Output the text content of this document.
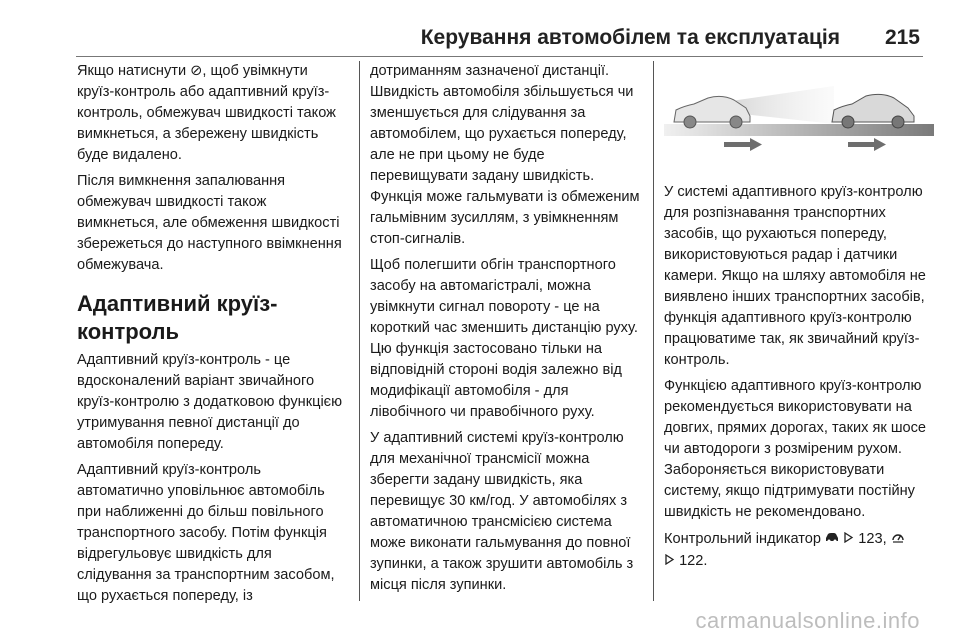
Керування автомобілем та експлуатація 215

Якщо натиснути ⊘, щоб увімкнути круїз-контроль або адаптивний круїз-контроль, обмежувач швидкості також вимкнеться, а збережену швидкість буде видалено.

Після вимкнення запалювання обмежувач швидкості також вимкнеться, але обмеження швидкості збережеться до наступного ввімкнення обмежувача.

Адаптивний круїз-контроль

Адаптивний круїз-контроль - це вдосконалений варіант звичайного круїз-контролю з додатковою функцією утримування певної дистанції до автомобіля попереду.

Адаптивний круїз-контроль автоматично уповільнює автомобіль при наближенні до більш повільного транспортного засобу. Потім функція відрегульовує швидкість для слідування за транспортним засобом, що рухається попереду, із

дотриманням зазначеної дистанції. Швидкість автомобіля збільшується чи зменшується для слідування за автомобілем, що рухається попереду, але не при цьому не буде перевищувати задану швидкість. Функція може гальмувати із обмеженим гальмівним зусиллям, з увімкненням стоп-сигналів.

Щоб полегшити обгін транспортного засобу на автомагістралі, можна увімкнути сигнал повороту - це на короткий час зменшить дистанцію руху. Цю функція застосовано тільки на відповідній стороні водія залежно від модифікації автомобіля - для лівобічного чи правобічного руху.

У адаптивний системі круїз-контролю для механічної трансмісії можна зберегти задану швидкість, яка перевищує 30 км/год. У автомобілях з автоматичною трансмісією система може виконати гальмування до повної зупинки, а також зрушити автомобіль з місця після зупинки.

У системі адаптивного круїз-контролю для розпізнавання транспортних засобів, що рухаються попереду, використовуються радар і датчики камери. Якщо на шляху автомобіля не виявлено інших транспортних засобів, функція адаптивного круїз-контролю працюватиме так, як звичайний круїз-контроль.

Функцією адаптивного круїз-контролю рекомендується використовувати на довгих, прямих дорогах, таких як шосе чи автодороги з розміреним рухом. Забороняється використовувати систему, якщо підтримувати постійну швидкість не рекомендовано.

Контрольний індикатор	123,
122.

carmanualsonline.info
